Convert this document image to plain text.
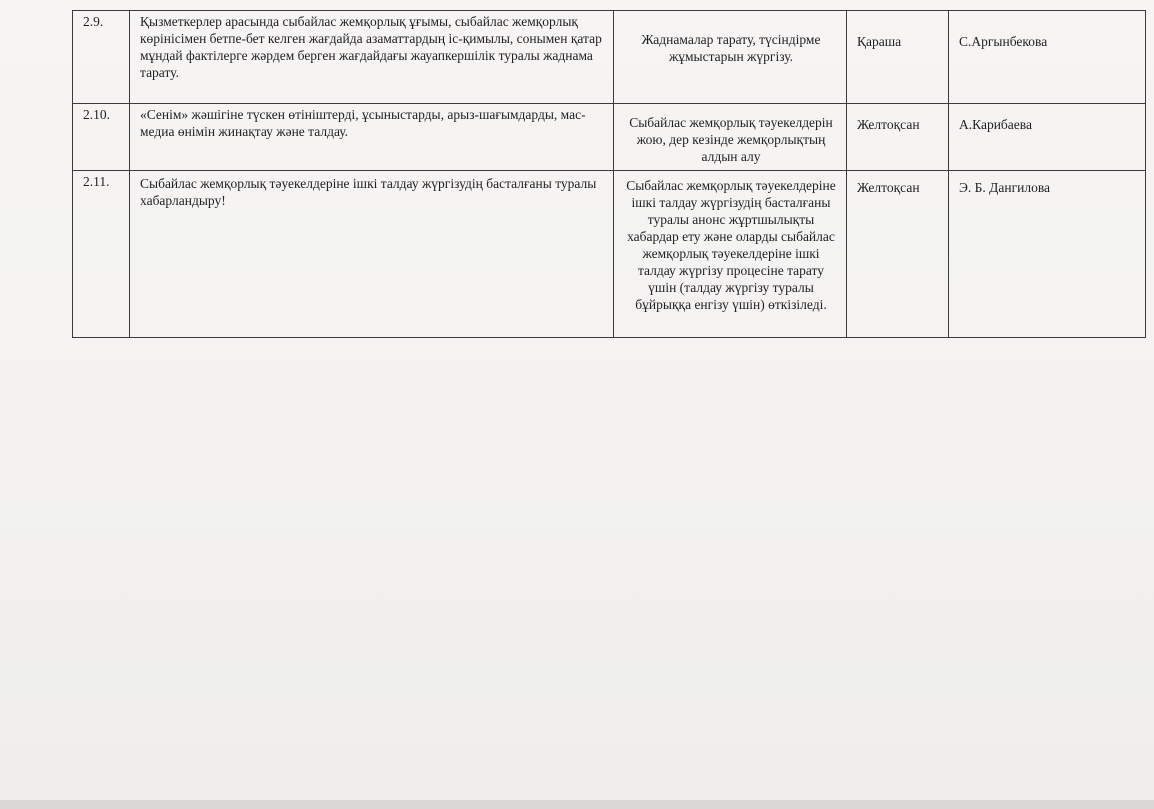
2.9.	Қызметкерлер арасында сыбайлас жемқорлық ұғымы, сыбайлас жемқорлық көрінісімен бетпе-бет келген жағдайда азаматтардың іс-қимылы, сонымен қатар мұндай фактілерге жәрдем берген жағдайдағы жауапкершілік туралы жаднама тарату.	Жаднамалар тарату, түсіндірме жұмыстарын жүргізу.	Қараша	С.Аргынбекова
2.10.	«Сенім» жәшігіне түскен өтініштерді, ұсыныстарды, арыз-шағымдарды, мас-медиа өнімін жинақтау және талдау.	Сыбайлас жемқорлық тәуекелдерін жою, дер кезінде жемқорлықтың алдын алу	Желтоқсан	А.Карибаева
2.11.	Сыбайлас жемқорлық тәуекелдеріне ішкі талдау жүргізудің басталғаны туралы хабарландыру!	Сыбайлас жемқорлық тәуекелдеріне ішкі талдау жүргізудің басталғаны туралы анонс жұртшылықты хабардар ету және оларды сыбайлас жемқорлық тәуекелдеріне ішкі талдау жүргізу процесіне тарату үшін (талдау жүргізу туралы бұйрыққа енгізу үшін) өткізіледі.	Желтоқсан	Э. Б. Дангилова
